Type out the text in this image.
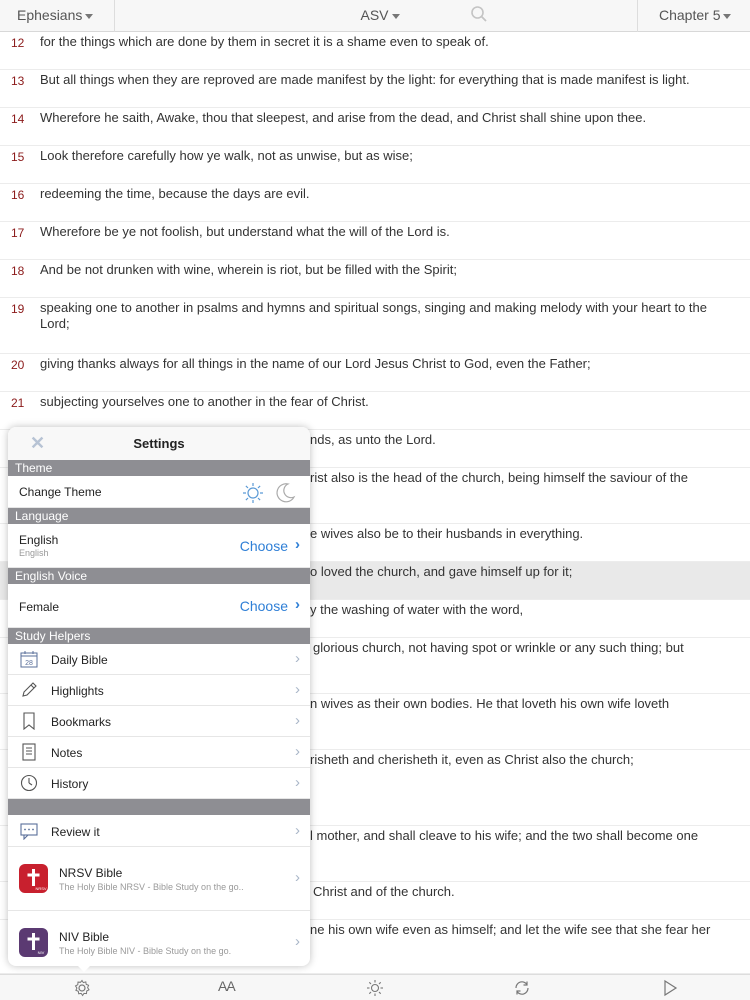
Ephesians	ASV	Chapter 5
12 for the things which are done by them in secret it is a shame even to speak of.
13 But all things when they are reproved are made manifest by the light: for everything that is made manifest is light.
14 Wherefore he saith, Awake, thou that sleepest, and arise from the dead, and Christ shall shine upon thee.
15 Look therefore carefully how ye walk, not as unwise, but as wise;
16 redeeming the time, because the days are evil.
17 Wherefore be ye not foolish, but understand what the will of the Lord is.
18 And be not drunken with wine, wherein is riot, but be filled with the Spirit;
19 speaking one to another in psalms and hymns and spiritual songs, singing and making melody with your heart to the Lord;
20 giving thanks always for all things in the name of our Lord Jesus Christ to God, even the Father;
21 subjecting yourselves one to another in the fear of Christ.
nds, as unto the Lord.
rist also is the head of the church, being himself the saviour of the
e wives also be to their husbands in everything.
o loved the church, and gave himself up for it;
y the washing of water with the word,
glorious church, not having spot or wrinkle or any such thing; but
n wives as their own bodies. He that loveth his own wife loveth
risheth and cherisheth it, even as Christ also the church;
l mother, and shall cleave to his wife; and the two shall become one
Christ and of the church.
ne his own wife even as himself; and let the wife see that she fear her
✕	Settings
Theme
Change Theme
Language
English
English	Choose ›
English Voice
Female	Choose ›
Study Helpers
28 Daily Bible	›
Highlights	›
Bookmarks	›
Notes	›
History	›
Review it	›
NRSV
NRSV Bible
The Holy Bible NRSV - Bible Study on the go..
›
NIV
NIV Bible
The Holy Bible NIV - Bible Study on the go.
›
AA
